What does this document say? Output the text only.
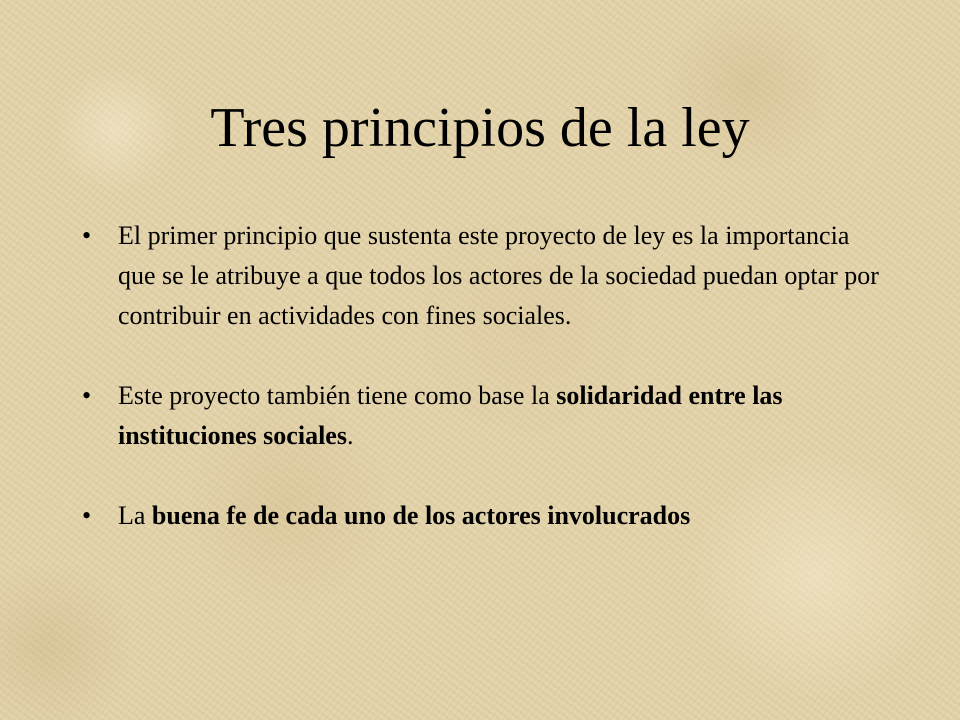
Tres principios de la ley
• El primer principio que sustenta este proyecto de ley es la importancia que se le atribuye a que todos los actores de la sociedad puedan optar por contribuir en actividades con fines sociales.
• Este proyecto también tiene como base la solidaridad entre las instituciones sociales.
• La buena fe de cada uno de los actores involucrados
